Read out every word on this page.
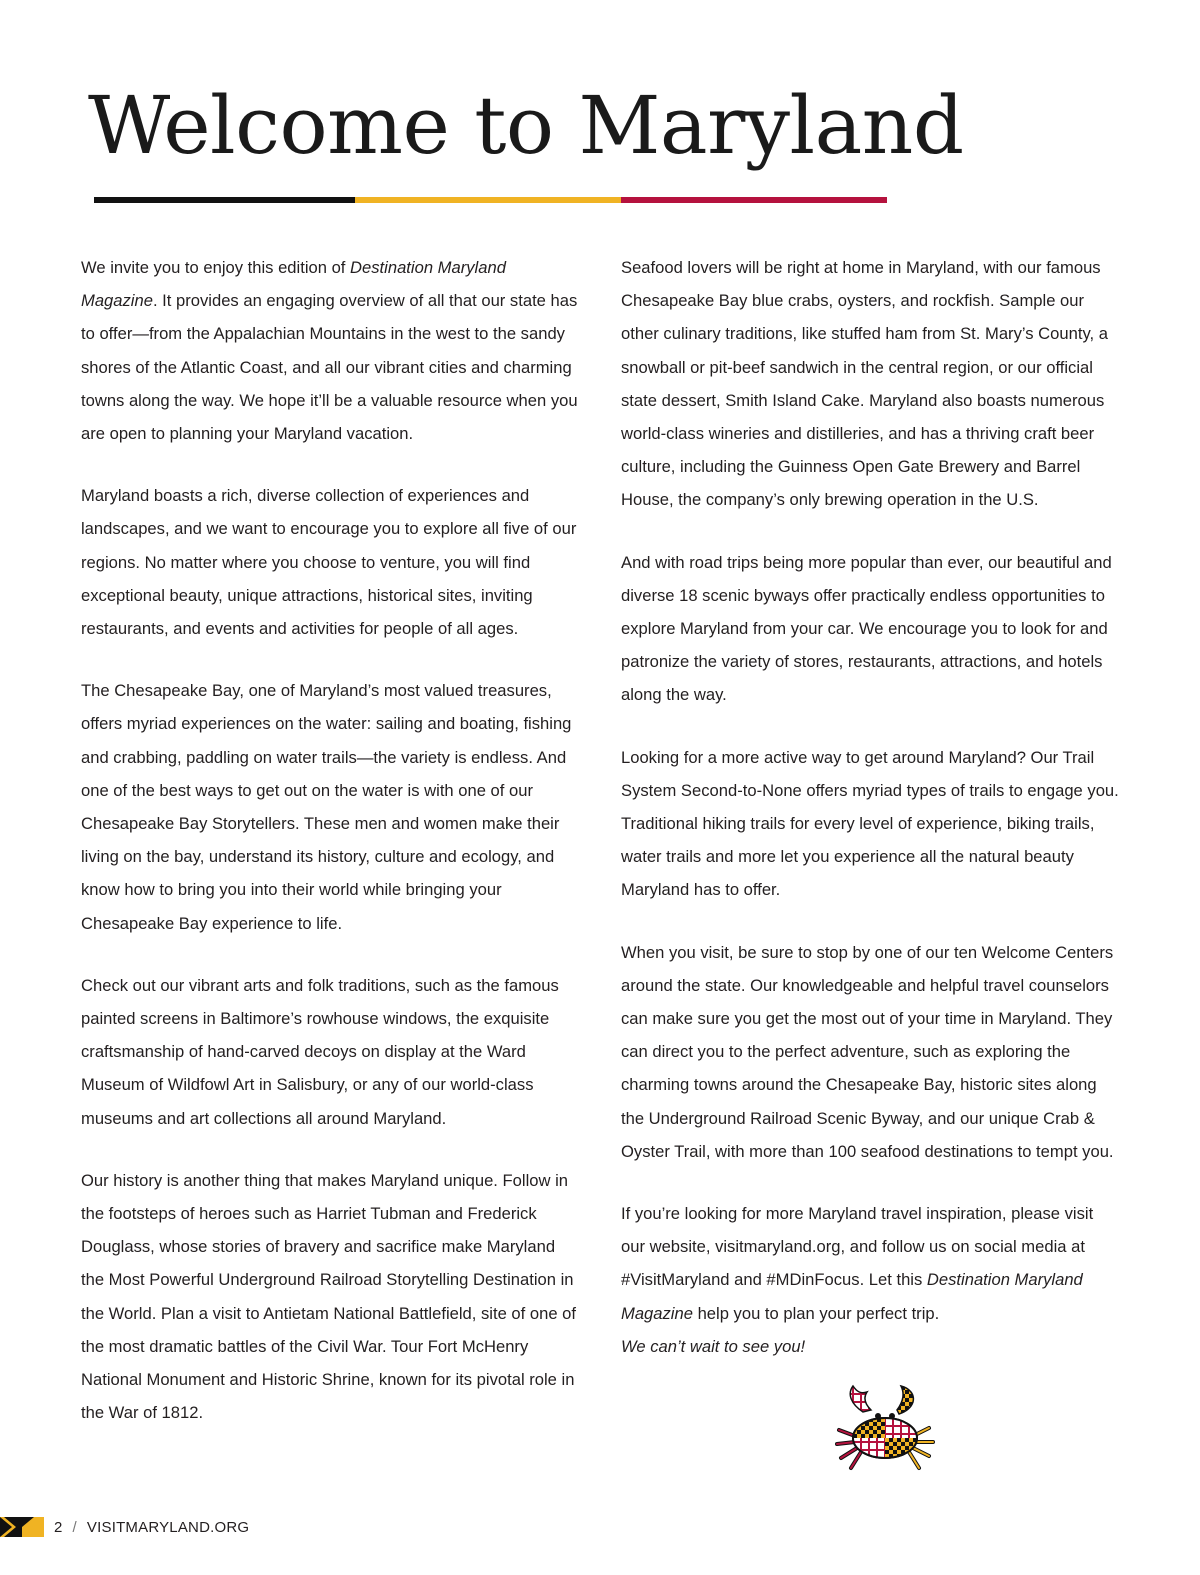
Welcome to Maryland

We invite you to enjoy this edition of Destination Maryland Magazine. It provides an engaging overview of all that our state has to offer—from the Appalachian Mountains in the west to the sandy shores of the Atlantic Coast, and all our vibrant cities and charming towns along the way. We hope it’ll be a valuable resource when you are open to planning your Maryland vacation.

Maryland boasts a rich, diverse collection of experiences and landscapes, and we want to encourage you to explore all five of our regions. No matter where you choose to venture, you will find exceptional beauty, unique attractions, historical sites, inviting restaurants, and events and activities for people of all ages.

The Chesapeake Bay, one of Maryland’s most valued treasures, offers myriad experiences on the water: sailing and boating, fishing and crabbing, paddling on water trails—the variety is endless. And one of the best ways to get out on the water is with one of our Chesapeake Bay Storytellers. These men and women make their living on the bay, understand its history, culture and ecology, and know how to bring you into their world while bringing your Chesapeake Bay experience to life.

Check out our vibrant arts and folk traditions, such as the famous painted screens in Baltimore’s rowhouse windows, the exquisite craftsmanship of hand-carved decoys on display at the Ward Museum of Wildfowl Art in Salisbury, or any of our world-class museums and art collections all around Maryland.

Our history is another thing that makes Maryland unique. Follow in the footsteps of heroes such as Harriet Tubman and Frederick Douglass, whose stories of bravery and sacrifice make Maryland the Most Powerful Underground Railroad Storytelling Destination in the World. Plan a visit to Antietam National Battlefield, site of one of the most dramatic battles of the Civil War. Tour Fort McHenry National Monument and Historic Shrine, known for its pivotal role in the War of 1812.

Seafood lovers will be right at home in Maryland, with our famous Chesapeake Bay blue crabs, oysters, and rockfish. Sample our other culinary traditions, like stuffed ham from St. Mary’s County, a snowball or pit-beef sandwich in the central region, or our official state dessert, Smith Island Cake. Maryland also boasts numerous world-class wineries and distilleries, and has a thriving craft beer culture, including the Guinness Open Gate Brewery and Barrel House, the company’s only brewing operation in the U.S.

And with road trips being more popular than ever, our beautiful and diverse 18 scenic byways offer practically endless opportunities to explore Maryland from your car. We encourage you to look for and patronize the variety of stores, restaurants, attractions, and hotels along the way.

Looking for a more active way to get around Maryland? Our Trail System Second-to-None offers myriad types of trails to engage you. Traditional hiking trails for every level of experience, biking trails, water trails and more let you experience all the natural beauty Maryland has to offer.

When you visit, be sure to stop by one of our ten Welcome Centers around the state. Our knowledgeable and helpful travel counselors can make sure you get the most out of your time in Maryland. They can direct you to the perfect adventure, such as exploring the charming towns around the Chesapeake Bay, historic sites along the Underground Railroad Scenic Byway, and our unique Crab & Oyster Trail, with more than 100 seafood destinations to tempt you.

If you’re looking for more Maryland travel inspiration, please visit our website, visitmaryland.org, and follow us on social media at #VisitMaryland and #MDinFocus. Let this Destination Maryland Magazine help you to plan your perfect trip.

We can’t wait to see you!

2 / VISITMARYLAND.ORG
